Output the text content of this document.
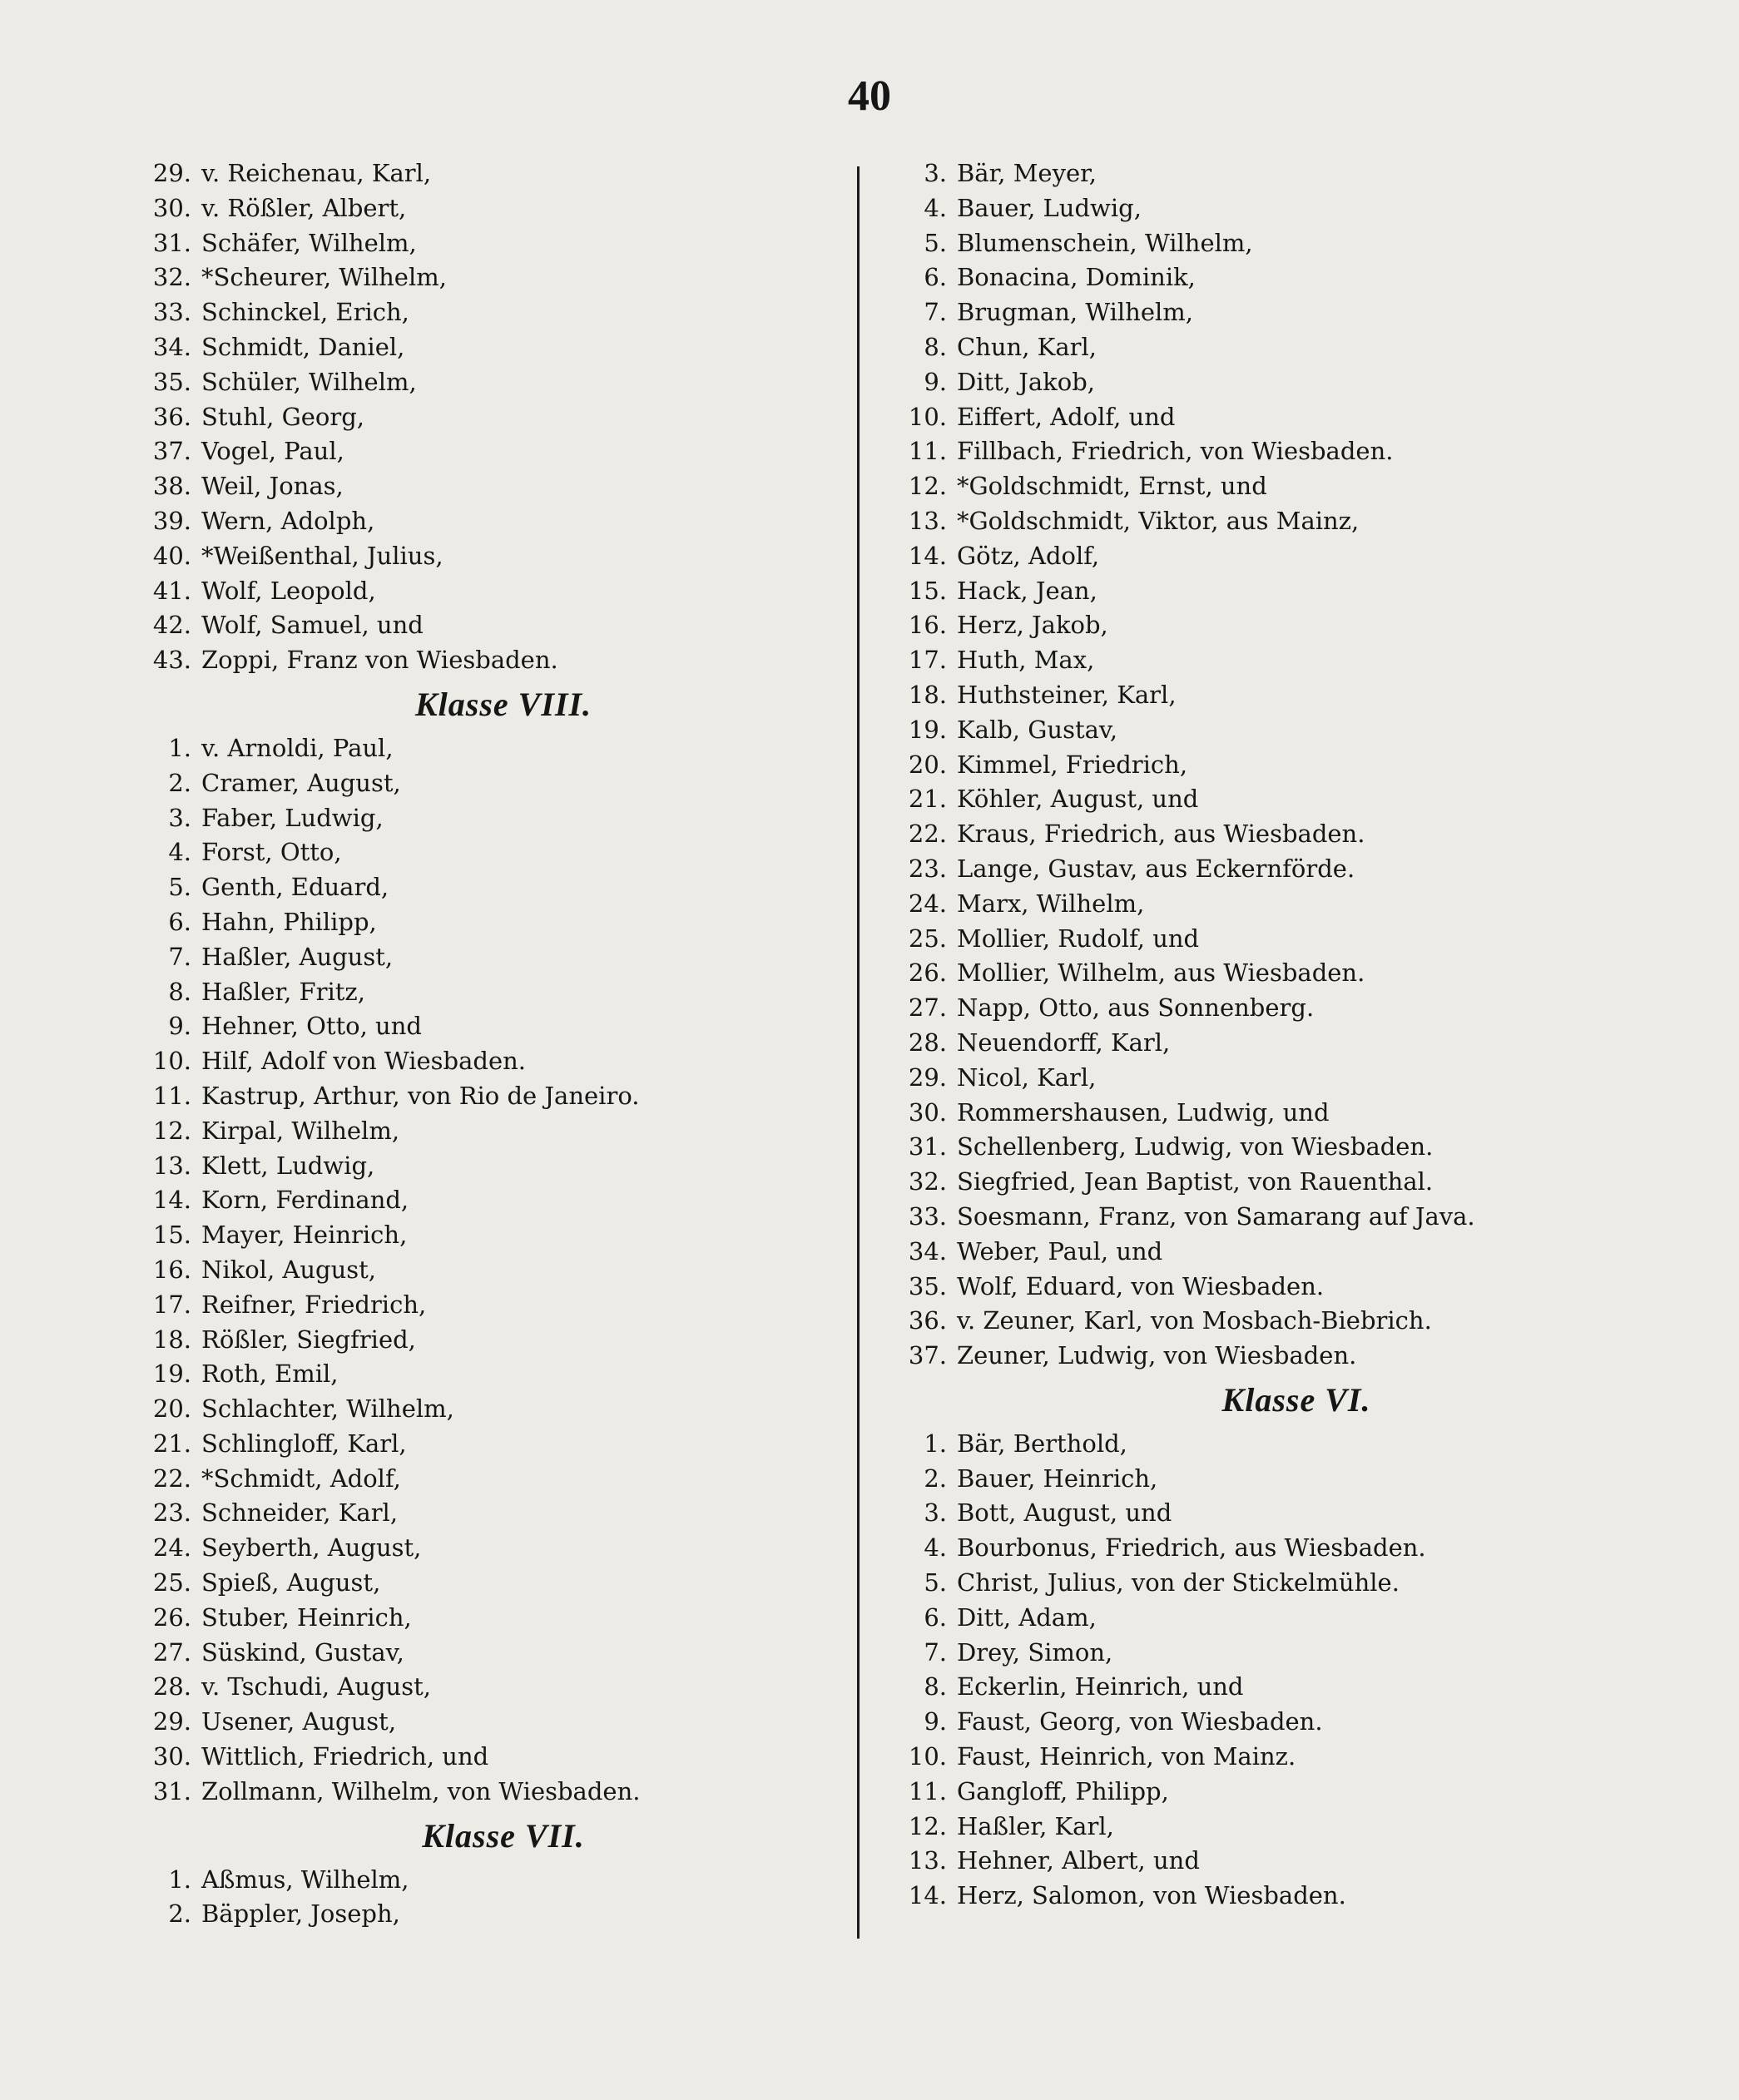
40
29. v. Reichenau, Karl,
30. v. Rößler, Albert,
31. Schäfer, Wilhelm,
32. *Scheurer, Wilhelm,
33. Schinckel, Erich,
34. Schmidt, Daniel,
35. Schüler, Wilhelm,
36. Stuhl, Georg,
37. Vogel, Paul,
38. Weil, Jonas,
39. Wern, Adolph,
40. *Weißenthal, Julius,
41. Wolf, Leopold,
42. Wolf, Samuel, und
43. Zoppi, Franz von Wiesbaden.
Klasse VIII.
1. v. Arnoldi, Paul,
2. Cramer, August,
3. Faber, Ludwig,
4. Forst, Otto,
5. Genth, Eduard,
6. Hahn, Philipp,
7. Haßler, August,
8. Haßler, Fritz,
9. Hehner, Otto, und
10. Hilf, Adolf von Wiesbaden.
11. Kastrup, Arthur, von Rio de Janeiro.
12. Kirpal, Wilhelm,
13. Klett, Ludwig,
14. Korn, Ferdinand,
15. Mayer, Heinrich,
16. Nikol, August,
17. Reifner, Friedrich,
18. Rößler, Siegfried,
19. Roth, Emil,
20. Schlachter, Wilhelm,
21. Schlingloff, Karl,
22. *Schmidt, Adolf,
23. Schneider, Karl,
24. Seyberth, August,
25. Spieß, August,
26. Stuber, Heinrich,
27. Süskind, Gustav,
28. v. Tschudi, August,
29. Usener, August,
30. Wittlich, Friedrich, und
31. Zollmann, Wilhelm, von Wiesbaden.
Klasse VII.
1. Aßmus, Wilhelm,
2. Bäppler, Joseph,
3. Bär, Meyer,
4. Bauer, Ludwig,
5. Blumenschein, Wilhelm,
6. Bonacina, Dominik,
7. Brugman, Wilhelm,
8. Chun, Karl,
9. Ditt, Jakob,
10. Eiffert, Adolf, und
11. Fillbach, Friedrich, von Wiesbaden.
12. *Goldschmidt, Ernst, und
13. *Goldschmidt, Viktor, aus Mainz,
14. Götz, Adolf,
15. Hack, Jean,
16. Herz, Jakob,
17. Huth, Max,
18. Huthsteiner, Karl,
19. Kalb, Gustav,
20. Kimmel, Friedrich,
21. Köhler, August, und
22. Kraus, Friedrich, aus Wiesbaden.
23. Lange, Gustav, aus Eckernförde.
24. Marx, Wilhelm,
25. Mollier, Rudolf, und
26. Mollier, Wilhelm, aus Wiesbaden.
27. Napp, Otto, aus Sonnenberg.
28. Neuendorff, Karl,
29. Nicol, Karl,
30. Rommershausen, Ludwig, und
31. Schellenberg, Ludwig, von Wiesbaden.
32. Siegfried, Jean Baptist, von Rauenthal.
33. Soesmann, Franz, von Samarang auf Java.
34. Weber, Paul, und
35. Wolf, Eduard, von Wiesbaden.
36. v. Zeuner, Karl, von Mosbach-Biebrich.
37. Zeuner, Ludwig, von Wiesbaden.
Klasse VI.
1. Bär, Berthold,
2. Bauer, Heinrich,
3. Bott, August, und
4. Bourbonus, Friedrich, aus Wiesbaden.
5. Christ, Julius, von der Stickelmühle.
6. Ditt, Adam,
7. Drey, Simon,
8. Eckerlin, Heinrich, und
9. Faust, Georg, von Wiesbaden.
10. Faust, Heinrich, von Mainz.
11. Gangloff, Philipp,
12. Haßler, Karl,
13. Hehner, Albert, und
14. Herz, Salomon, von Wiesbaden.
